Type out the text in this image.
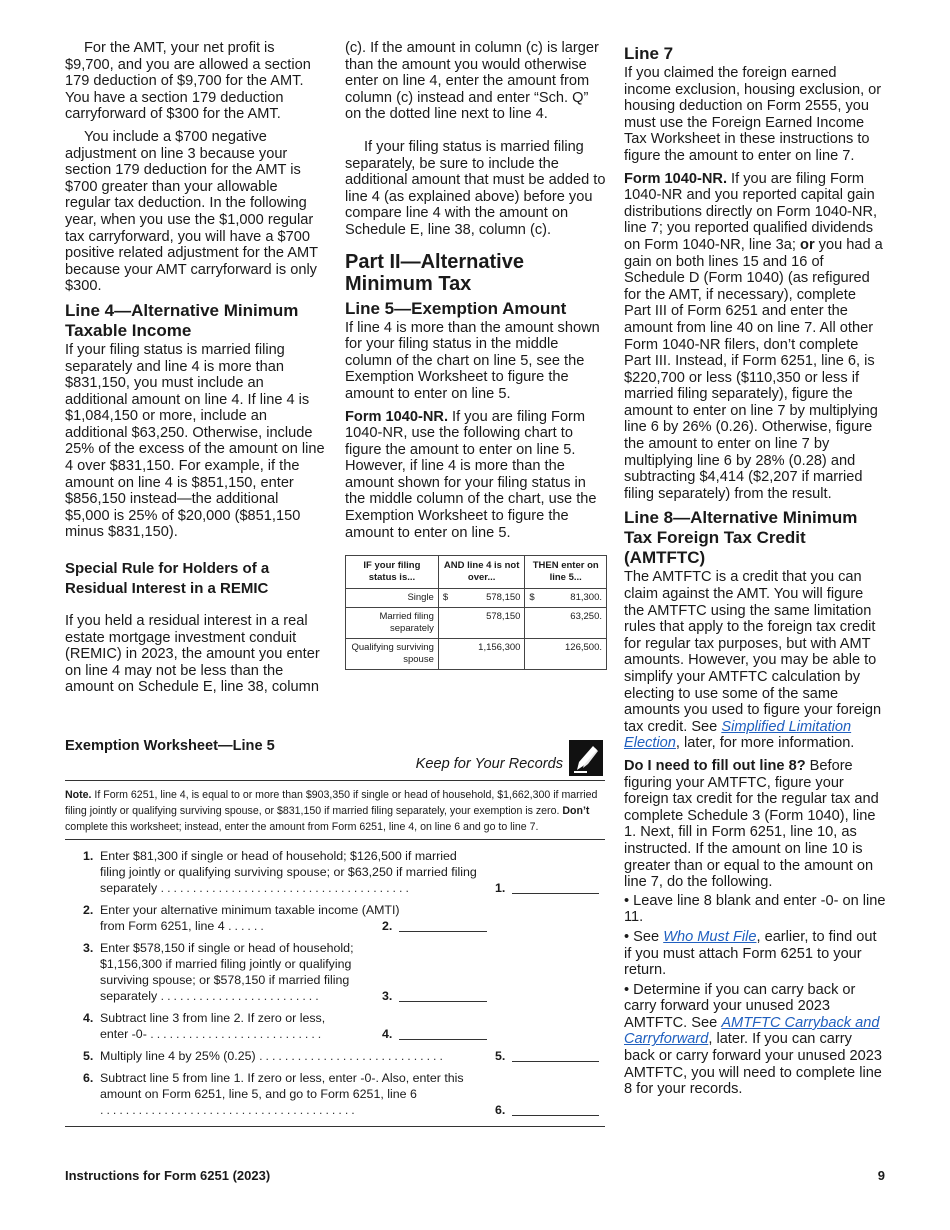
For the AMT, your net profit is $9,700, and you are allowed a section 179 deduction of $9,700 for the AMT. You have a section 179 deduction carryforward of $300 for the AMT.

You include a $700 negative adjustment on line 3 because your section 179 deduction for the AMT is $700 greater than your allowable regular tax deduction. In the following year, when you use the $1,000 regular tax carryforward, you will have a $700 positive related adjustment for the AMT because your AMT carryforward is only $300.

Line 4—Alternative Minimum Taxable Income

If your filing status is married filing separately and line 4 is more than $831,150, you must include an additional amount on line 4. If line 4 is $1,084,150 or more, include an additional $63,250. Otherwise, include 25% of the excess of the amount on line 4 over $831,150. For example, if the amount on line 4 is $851,150, enter $856,150 instead—the additional $5,000 is 25% of $20,000 ($851,150 minus $831,150).

Special Rule for Holders of a Residual Interest in a REMIC

If you held a residual interest in a real estate mortgage investment conduit (REMIC) in 2023, the amount you enter on line 4 may not be less than the amount on Schedule E, line 38, column

(c). If the amount in column (c) is larger than the amount you would otherwise enter on line 4, enter the amount from column (c) instead and enter “Sch. Q” on the dotted line next to line 4.

If your filing status is married filing separately, be sure to include the additional amount that must be added to line 4 (as explained above) before you compare line 4 with the amount on Schedule E, line 38, column (c).

Part II—Alternative Minimum Tax
Line 5—Exemption Amount

If line 4 is more than the amount shown for your filing status in the middle column of the chart on line 5, see the Exemption Worksheet to figure the amount to enter on line 5.

Form 1040-NR. If you are filing Form 1040-NR, use the following chart to figure the amount to enter on line 5. However, if line 4 is more than the amount shown for your filing status in the middle column of the chart, use the Exemption Worksheet to figure the amount to enter on line 5.

IF your filing status is...	AND line 4 is not over...	THEN enter on line 5...
Single	$ 578,150	$ 81,300.
Married filing separately	578,150	63,250.
Qualifying surviving spouse	1,156,300	126,500.
Line 7

If you claimed the foreign earned income exclusion, housing exclusion, or housing deduction on Form 2555, you must use the Foreign Earned Income Tax Worksheet in these instructions to figure the amount to enter on line 7.

Form 1040-NR. If you are filing Form 1040-NR and you reported capital gain distributions directly on Form 1040-NR, line 7; you reported qualified dividends on Form 1040-NR, line 3a; or you had a gain on both lines 15 and 16 of Schedule D (Form 1040) (as refigured for the AMT, if necessary), complete Part III of Form 6251 and enter the amount from line 40 on line 7. All other Form 1040-NR filers, don’t complete Part III. Instead, if Form 6251, line 6, is $220,700 or less ($110,350 or less if married filing separately), figure the amount to enter on line 7 by multiplying line 6 by 26% (0.26). Otherwise, figure the amount to enter on line 7 by multiplying line 6 by 28% (0.28) and subtracting $4,414 ($2,207 if married filing separately) from the result.

Line 8—Alternative Minimum Tax Foreign Tax Credit (AMTFTC)

The AMTFTC is a credit that you can claim against the AMT. You will figure the AMTFTC using the same limitation rules that apply to the foreign tax credit for regular tax purposes, but with AMT amounts. However, you may be able to simplify your AMTFTC calculation by electing to use some of the same amounts you used to figure your foreign tax credit. See Simplified Limitation Election, later, for more information.

Do I need to fill out line 8? Before figuring your AMTFTC, figure your foreign tax credit for the regular tax and complete Schedule 3 (Form 1040), line 1. Next, fill in Form 6251, line 10, as instructed. If the amount on line 10 is greater than or equal to the amount on line 7, do the following.

• Leave line 8 blank and enter -0- on line 11.

• See Who Must File, earlier, to find out if you must attach Form 6251 to your return.

• Determine if you can carry back or carry forward your unused 2023 AMTFTC. See AMTFTC Carryback and Carryforward, later. If you can carry back or carry forward your unused 2023 AMTFTC, you will need to complete line 8 for your records.

Exemption Worksheet—Line 5
Keep for Your Records
Note. If Form 6251, line 4, is equal to or more than $903,350 if single or head of household, $1,662,300 if married filing jointly or qualifying surviving spouse, or $831,150 if married filing separately, your exemption is zero. Don’t complete this worksheet; instead, enter the amount from Form 6251, line 4, on line 6 and go to line 7.
1. Enter $81,300 if single or head of household; $126,500 if married filing jointly or qualifying surviving spouse; or $63,250 if married filing separately .......................................	1.
2. Enter your alternative minimum taxable income (AMTI) from Form 6251, line 4 ......	2.
3. Enter $578,150 if single or head of household; $1,156,300 if married filing jointly or qualifying surviving spouse; or $578,150 if married filing separately .........................	3.
4. Subtract line 3 from line 2. If zero or less, enter -0- ...........................	4.
5. Multiply line 4 by 25% (0.25) .............................	5.
6. Subtract line 5 from line 1. If zero or less, enter -0-. Also, enter this amount on Form 6251, line 5, and go to Form 6251, line 6 ........................................	6.
Instructions for Form 6251 (2023)	9
